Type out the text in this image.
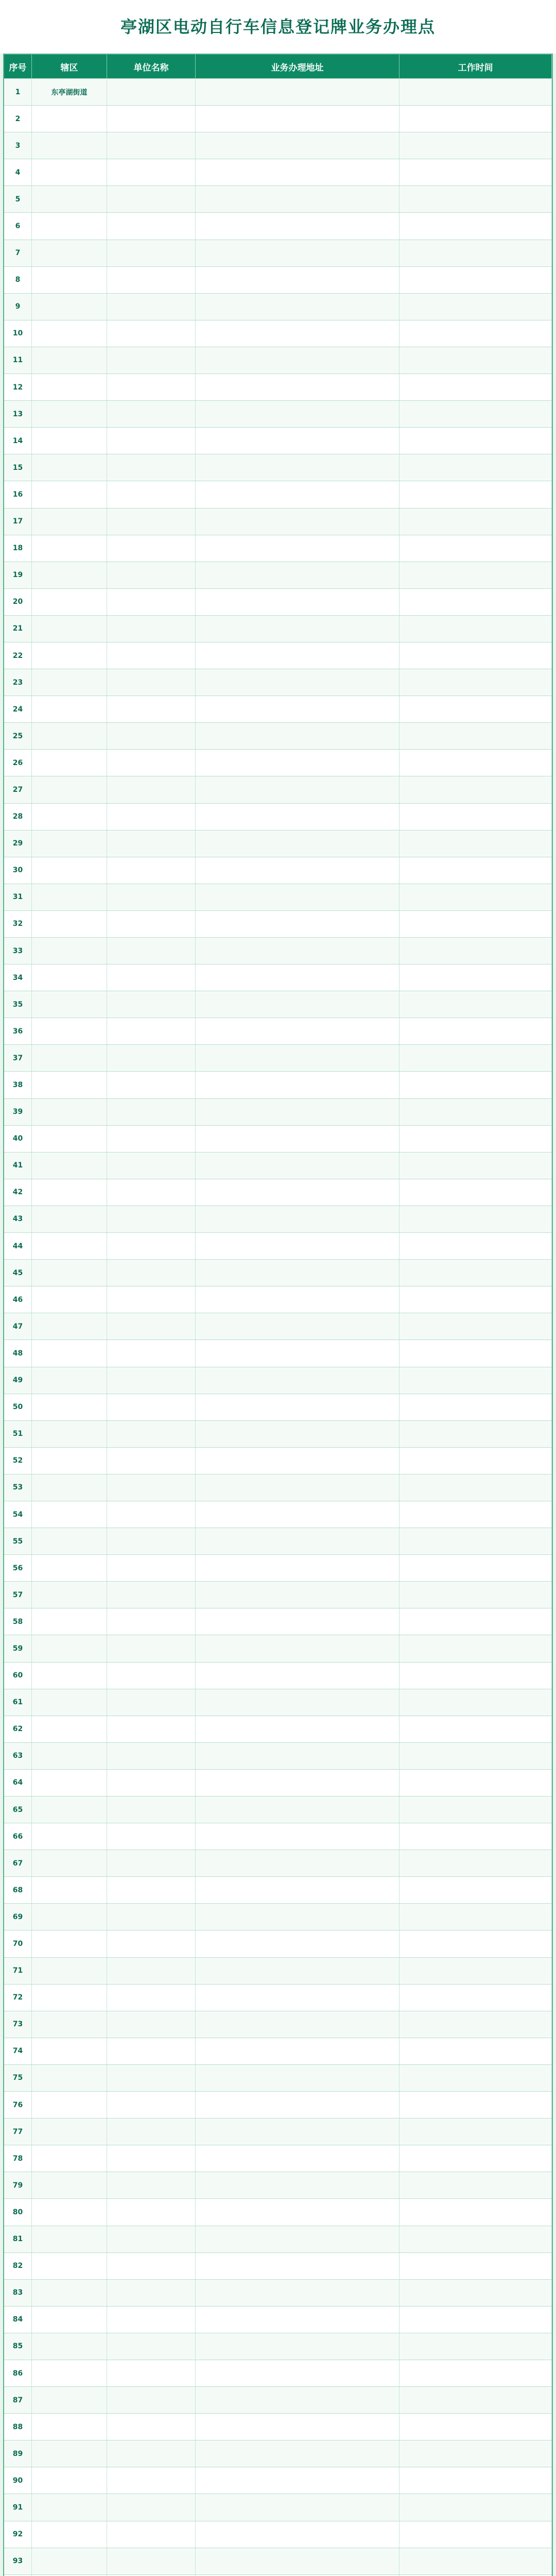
亭湖区电动自行车信息登记牌业务办理点
序号	辖区	单位名称	业务办理地址	工作时间
1	东亭湖街道
2
3
4
5
6
7
8
9
10
11
12
13
14
15
16
17
18
19
20
21
22
23
24
25
26
27
28
29
30
31
32
33
34
35
36
37
38
39
40
41
42
43
44
45
46
47
48
49
50
51
52
53
54
55
56
57
58
59
60
61
62
63
64
65
66
67
68
69
70
71
72
73
74
75
76
77
78
79
80
81
82
83
84
85
86
87
88
89
90
91
92
93
